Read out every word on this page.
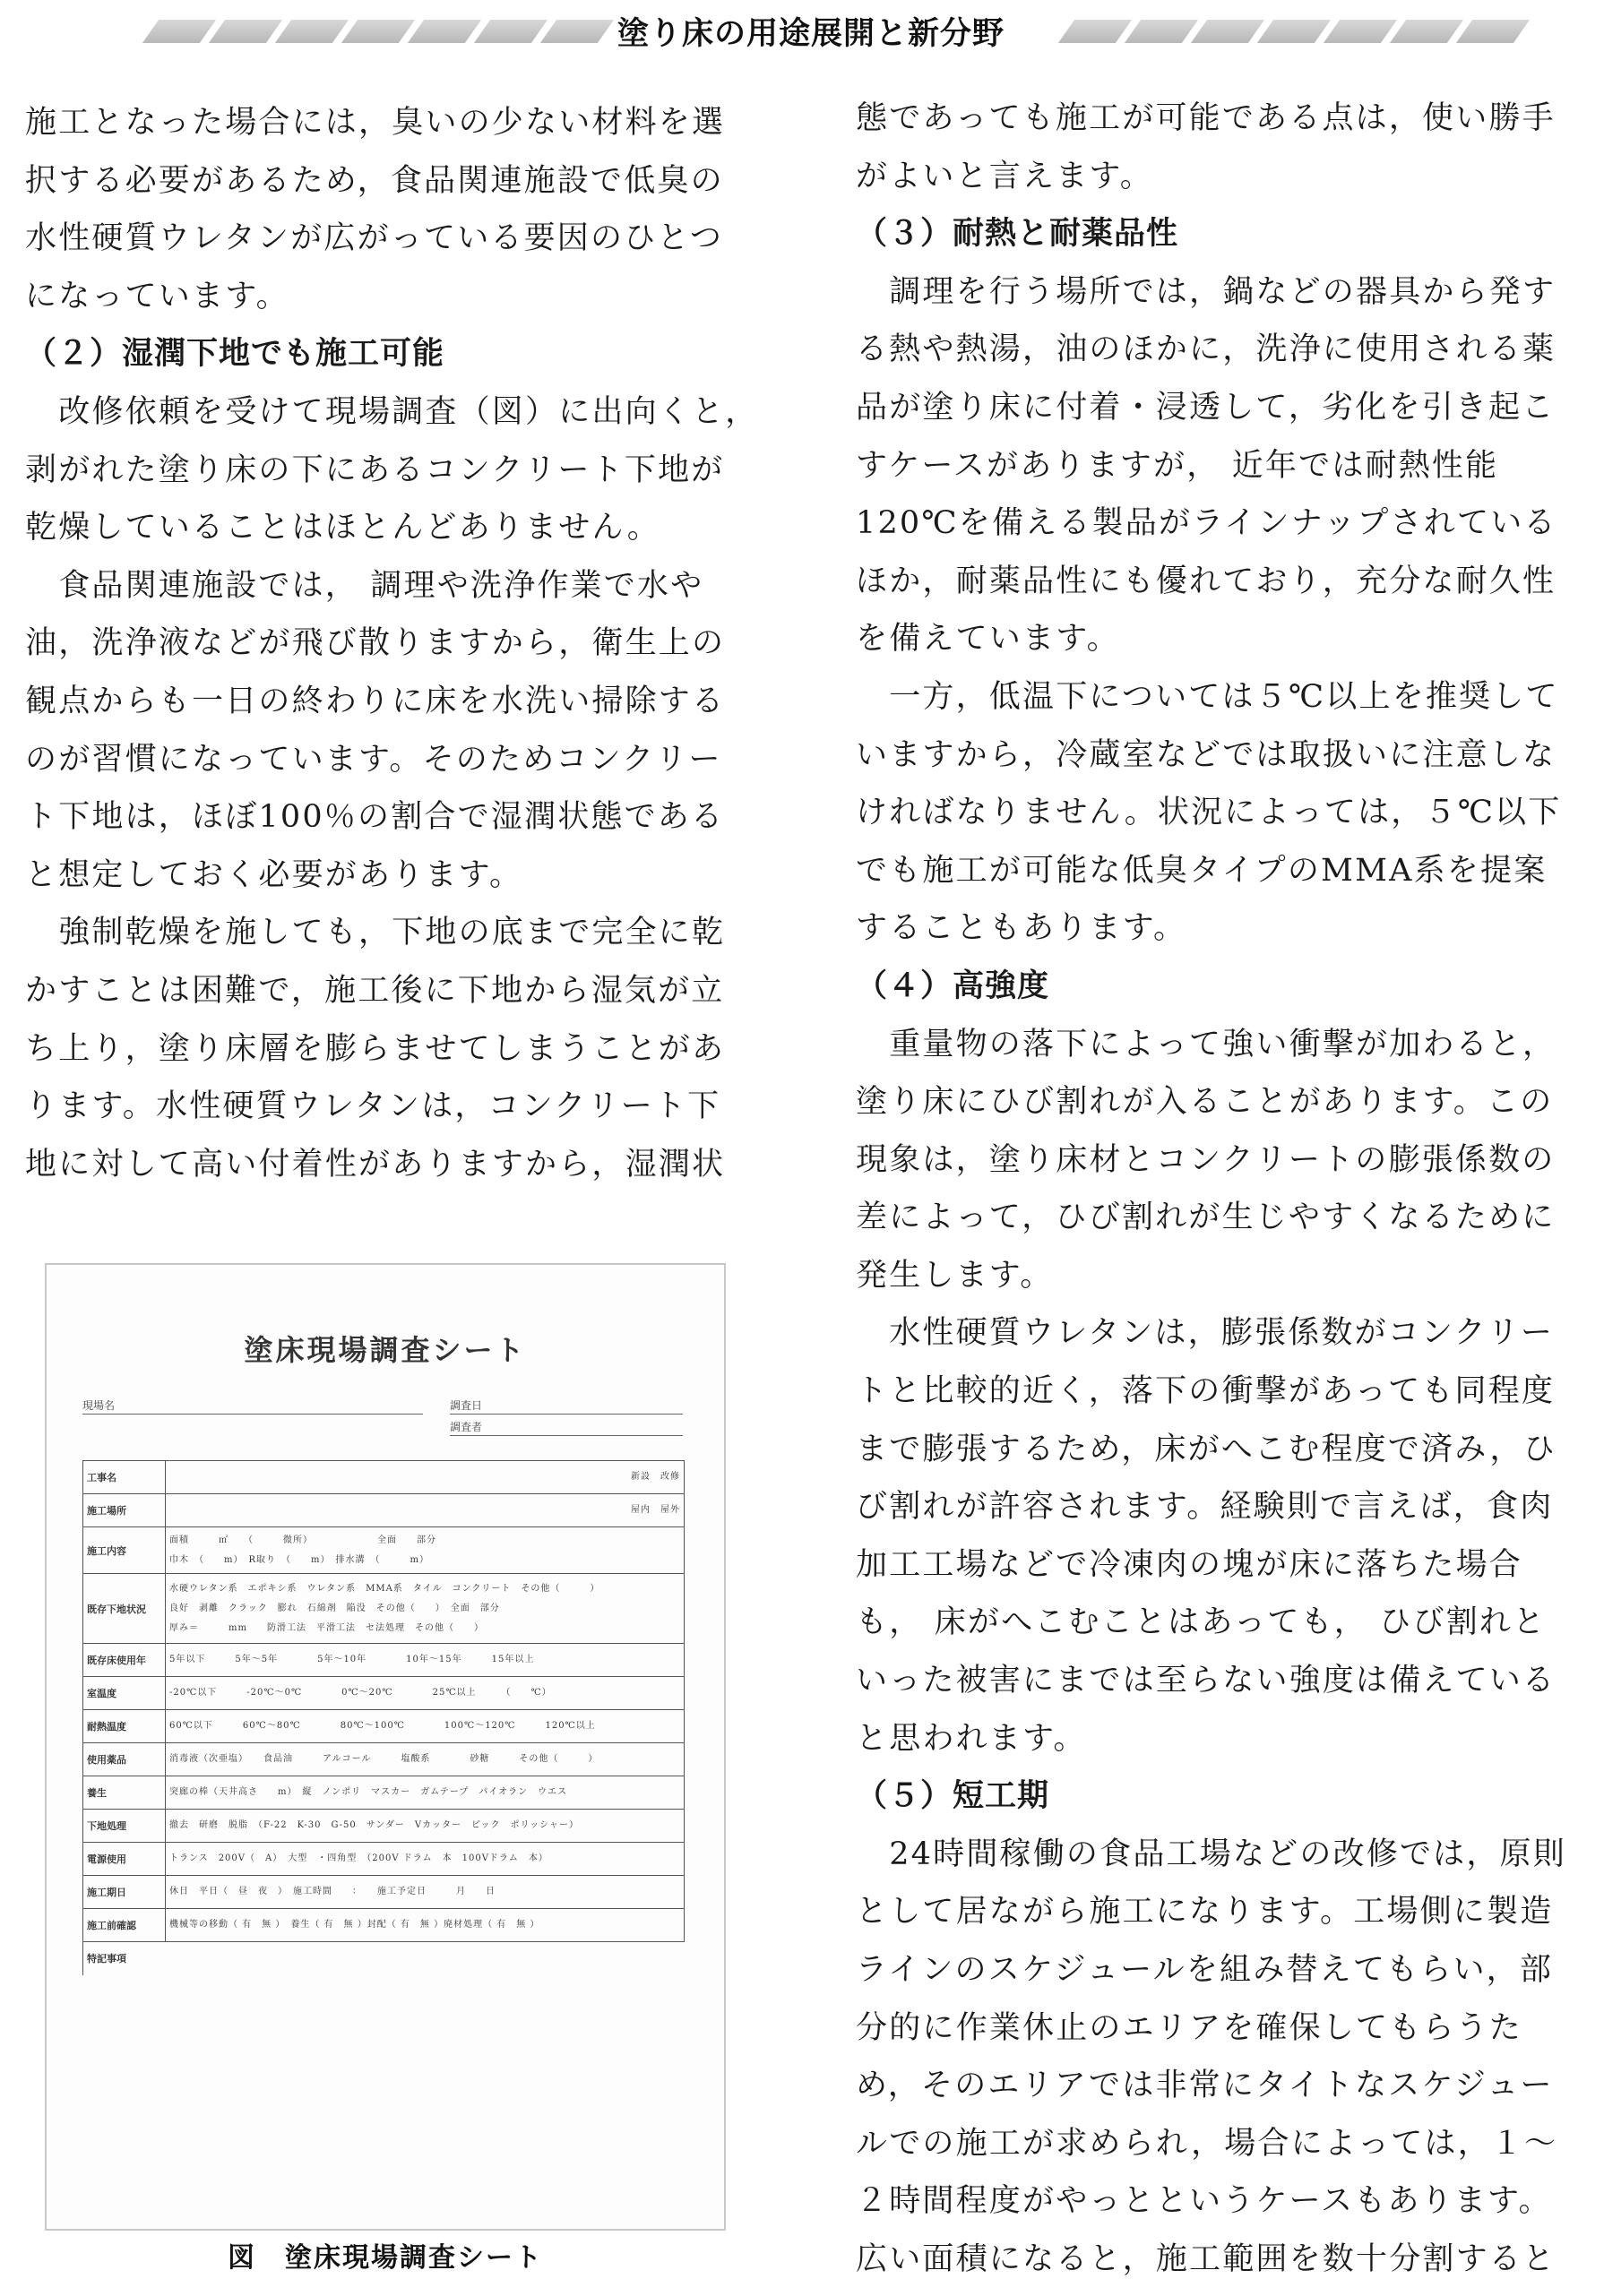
塗り床の用途展開と新分野
施工となった場合には，臭いの少ない材料を選
択する必要があるため，食品関連施設で低臭の
水性硬質ウレタンが広がっている要因のひとつ
になっています。
（２）湿潤下地でも施工可能
　改修依頼を受けて現場調査（図）に出向くと，
剥がれた塗り床の下にあるコンクリート下地が
乾燥していることはほとんどありません。
　食品関連施設では， 調理や洗浄作業で水や
油，洗浄液などが飛び散りますから，衛生上の
観点からも一日の終わりに床を水洗い掃除する
のが習慣になっています。そのためコンクリー
ト下地は，ほぼ100％の割合で湿潤状態である
と想定しておく必要があります。
　強制乾燥を施しても，下地の底まで完全に乾
かすことは困難で，施工後に下地から湿気が立
ち上り，塗り床層を膨らませてしまうことがあ
ります。水性硬質ウレタンは，コンクリート下
地に対して高い付着性がありますから，湿潤状
態であっても施工が可能である点は，使い勝手
がよいと言えます。
（３）耐熱と耐薬品性
　調理を行う場所では，鍋などの器具から発す
る熱や熱湯，油のほかに，洗浄に使用される薬
品が塗り床に付着・浸透して，劣化を引き起こ
すケースがありますが， 近年では耐熱性能
120℃を備える製品がラインナップされている
ほか，耐薬品性にも優れており，充分な耐久性
を備えています。
　一方，低温下については５℃以上を推奨して
いますから，冷蔵室などでは取扱いに注意しな
ければなりません。状況によっては，５℃以下
でも施工が可能な低臭タイプのMMA系を提案
することもあります。
（４）高強度
　重量物の落下によって強い衝撃が加わると，
塗り床にひび割れが入ることがあります。この
現象は，塗り床材とコンクリートの膨張係数の
差によって，ひび割れが生じやすくなるために
発生します。
　水性硬質ウレタンは，膨張係数がコンクリー
トと比較的近く，落下の衝撃があっても同程度
まで膨張するため，床がへこむ程度で済み，ひ
び割れが許容されます。経験則で言えば，食肉
加工工場などで冷凍肉の塊が床に落ちた場合
も， 床がへこむことはあっても， ひび割れと
いった被害にまでは至らない強度は備えている
と思われます。
（５）短工期
　24時間稼働の食品工場などの改修では，原則
として居ながら施工になります。工場側に製造
ラインのスケジュールを組み替えてもらい，部
分的に作業休止のエリアを確保してもらうた
め，そのエリアでは非常にタイトなスケジュー
ルでの施工が求められ，場合によっては，１～
２時間程度がやっとというケースもあります。
広い面積になると，施工範囲を数十分割すると
塗床現場調査シート
現場名	調査日
調査者
工事名	新設　改修

施工場所	屋内　屋外

施工内容	面積　　　㎡　　（　　　微所）　　　　　　　全面　　部分
巾木　（　　m）　R取り　（　　m）　排水溝　（　　　m）

既存下地状況	水硬ウレタン系　エポキシ系　ウレタン系　MMA系　タイル　コンクリート　その他（　　　）
良好　剥離　クラック　膨れ　石綿剤　陥没　その他（　　）　全面　部分
厚み＝　　　mm　　防滑工法　平滑工法　セ法処理　その他（　　）

既存床使用年	5年以下　　　5年～5年　　　　5年～10年　　　　10年～15年　　　15年以上

室温度	-20℃以下　　　-20℃～0℃　　　　0℃～20℃　　　　25℃以上　　　（　　℃）

耐熱温度	60℃以下　　　60℃～80℃　　　　80℃～100℃　　　　100℃～120℃　　　120℃以上

使用薬品	消毒液（次亜塩）　　食品油　　　アルコール　　　塩酸系　　　　砂糖　　　その他（　　　）

養生	突廊の棒（天井高さ　　m）　縦　ノンポリ　マスカー　ガムテープ　パイオラン　ウエス

下地処理	撤去　研磨　脱脂　（F-22　K-30　G-50　サンダー　Vカッター　ピック　ポリッシャー）

電源使用	トランス　200V（　A）　大型　・四角型　（200V ドラム　本　100Vドラム　本）

施工期日	休日　平日（　昼　夜　）　施工時間　　：　　施工予定日　　　月　　日

施工前確認	機械等の移動（ 有　無 ）　養生（ 有　無 ）封配（ 有　無 ）廃材処理（ 有　無 ）

特記事項	
図　塗床現場調査シート
